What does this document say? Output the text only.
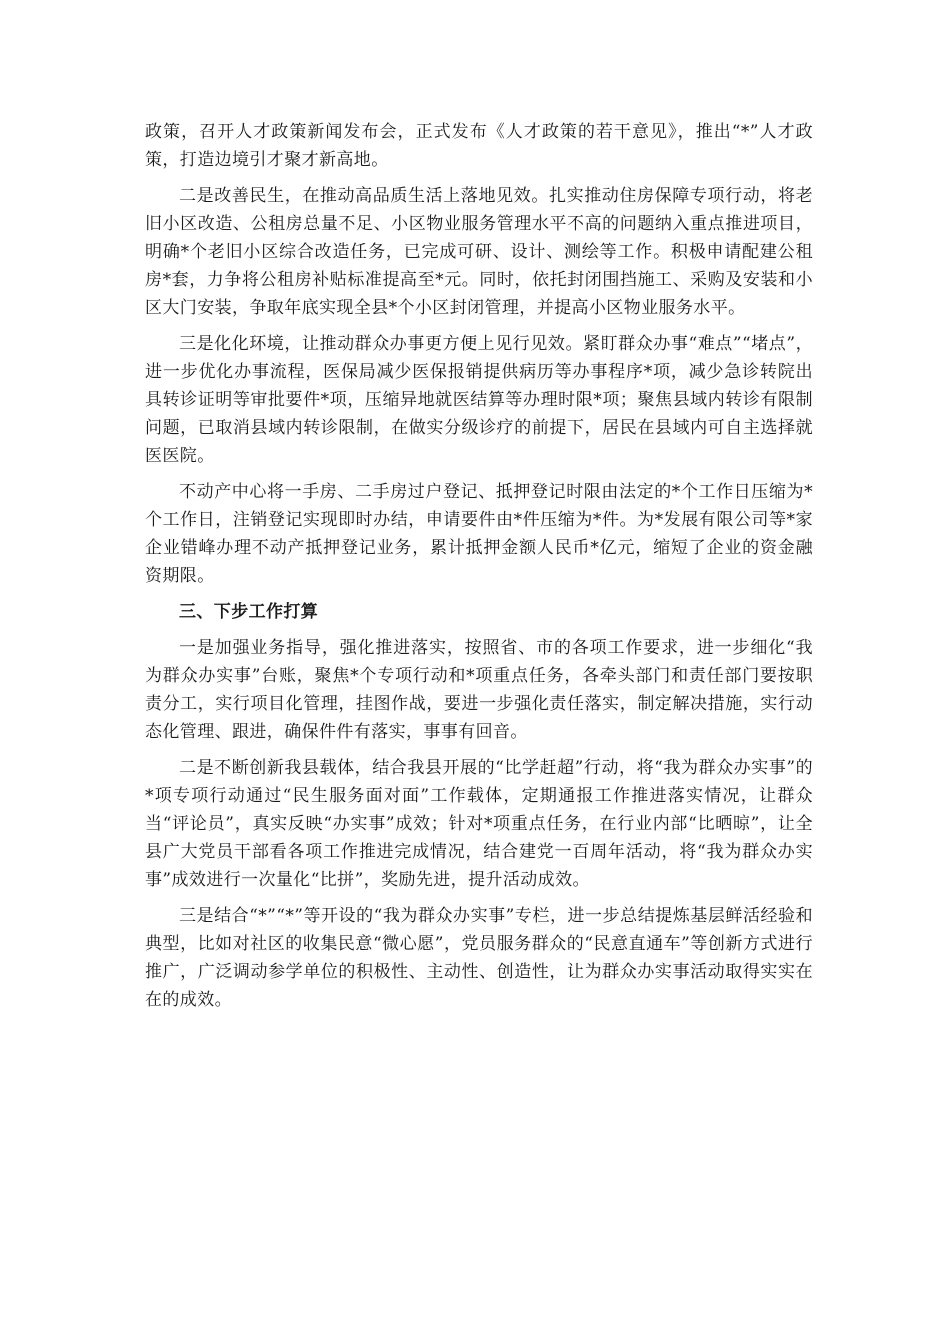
政策，召开人才政策新闻发布会，正式发布《人才政策的若干意见》，推出“*”人才政策，打造边境引才聚才新高地。

二是改善民生，在推动高品质生活上落地见效。扎实推动住房保障专项行动，将老旧小区改造、公租房总量不足、小区物业服务管理水平不高的问题纳入重点推进项目，明确*个老旧小区综合改造任务，已完成可研、设计、测绘等工作。积极申请配建公租房*套，力争将公租房补贴标准提高至*元。同时，依托封闭围挡施工、采购及安装和小区大门安装，争取年底实现全县*个小区封闭管理，并提高小区物业服务水平。

三是化化环境，让推动群众办事更方便上见行见效。紧盯群众办事“难点”“堵点”，进一步优化办事流程，医保局减少医保报销提供病历等办事程序*项，减少急诊转院出具转诊证明等审批要件*项，压缩异地就医结算等办理时限*项；聚焦县域内转诊有限制问题，已取消县域内转诊限制，在做实分级诊疗的前提下，居民在县域内可自主选择就医医院。

不动产中心将一手房、二手房过户登记、抵押登记时限由法定的*个工作日压缩为*个工作日，注销登记实现即时办结，申请要件由*件压缩为*件。为*发展有限公司等*家企业错峰办理不动产抵押登记业务，累计抵押金额人民币*亿元，缩短了企业的资金融资期限。

三、下步工作打算

一是加强业务指导，强化推进落实，按照省、市的各项工作要求，进一步细化“我为群众办实事”台账，聚焦*个专项行动和*项重点任务，各牵头部门和责任部门要按职责分工，实行项目化管理，挂图作战，要进一步强化责任落实，制定解决措施，实行动态化管理、跟进，确保件件有落实，事事有回音。

二是不断创新我县载体，结合我县开展的“比学赶超”行动，将“我为群众办实事”的*项专项行动通过“民生服务面对面”工作载体，定期通报工作推进落实情况，让群众当“评论员”，真实反映“办实事”成效；针对*项重点任务，在行业内部“比晒晾”，让全县广大党员干部看各项工作推进完成情况，结合建党一百周年活动，将“我为群众办实事”成效进行一次量化“比拼”，奖励先进，提升活动成效。

三是结合“*”“*”等开设的“我为群众办实事”专栏，进一步总结提炼基层鲜活经验和典型，比如对社区的收集民意“微心愿”，党员服务群众的“民意直通车”等创新方式进行推广，广泛调动参学单位的积极性、主动性、创造性，让为群众办实事活动取得实实在在的成效。
